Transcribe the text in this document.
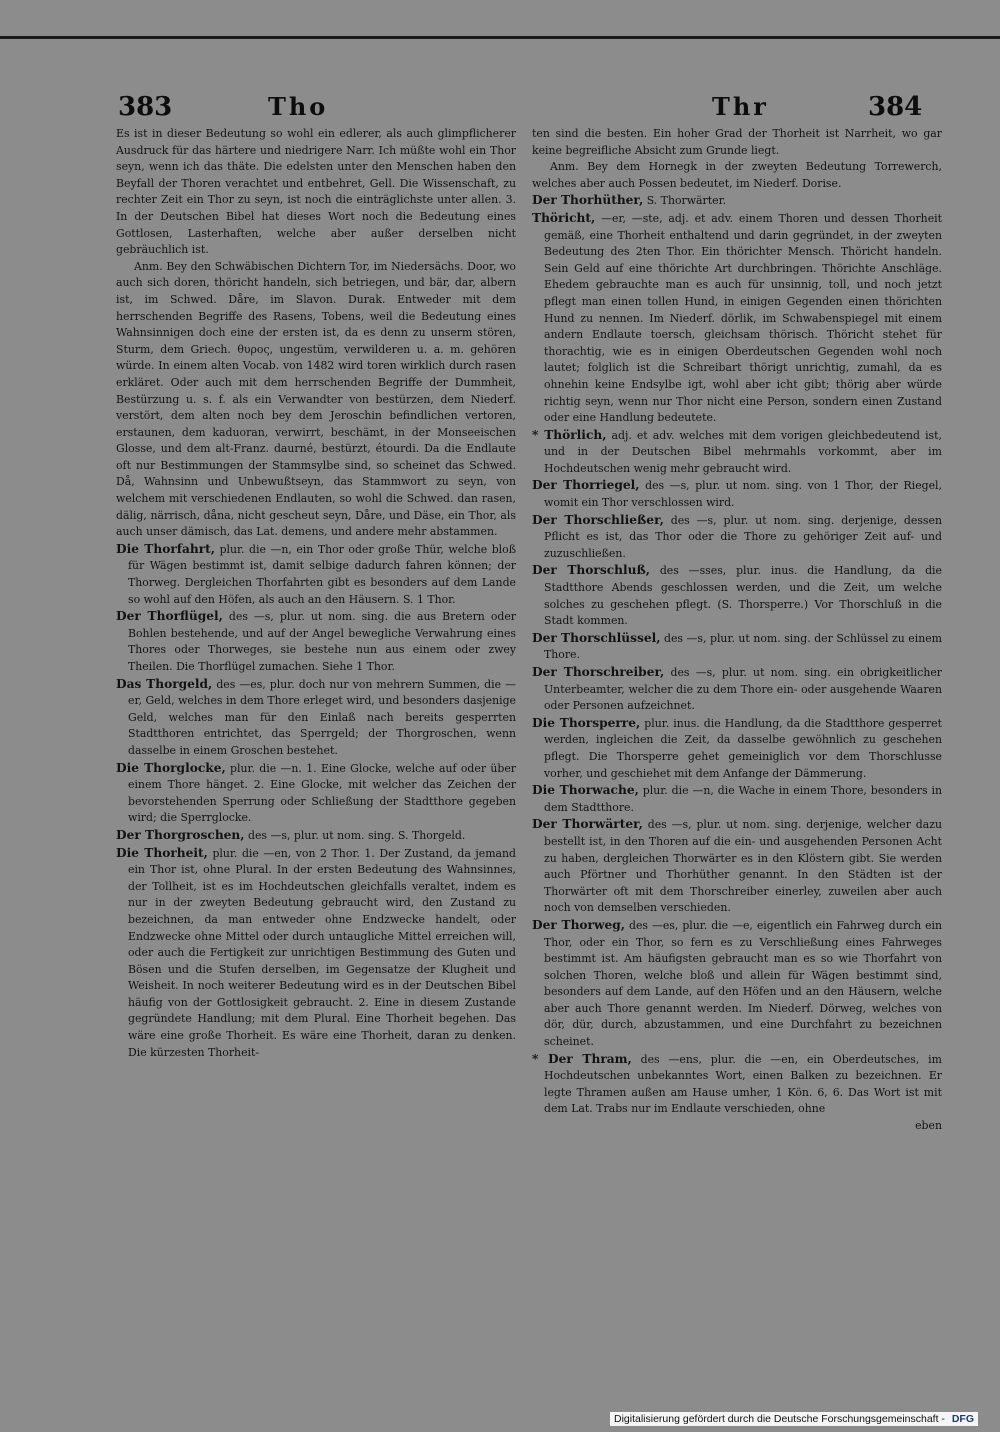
383	Tho	Thr	384

Es ist in dieser Bedeutung so wohl ein edlerer, als auch glimpflicherer Ausdruck für das härtere und niedrigere Narr. Ich müßte wohl ein Thor seyn, wenn ich das thäte. Die edelsten unter den Menschen haben den Beyfall der Thoren verachtet und entbehret, Gell. Die Wissenschaft, zu rechter Zeit ein Thor zu seyn, ist noch die einträglichste unter allen. 3. In der Deutschen Bibel hat dieses Wort noch die Bedeutung eines Gottlosen, Lasterhaften, welche aber außer derselben nicht gebräuchlich ist.

Anm. Bey den Schwäbischen Dichtern Tor, im Niedersächs. Door, wo auch sich doren, thöricht handeln, sich betriegen, und bär, dar, albern ist, im Schwed. Dåre, im Slavon. Durak. Entweder mit dem herrschenden Begriffe des Rasens, Tobens, weil die Bedeutung eines Wahnsinnigen doch eine der ersten ist, da es denn zu unserm stören, Sturm, dem Griech. θυρος, ungestüm, verwilderen u. a. m. gehören würde. In einem alten Vocab. von 1482 wird toren wirklich durch rasen erkläret. Oder auch mit dem herrschenden Begriffe der Dummheit, Bestürzung u. s. f. als ein Verwandter von bestürzen, dem Niederf. verstört, dem alten noch bey dem Jeroschin befindlichen vertoren, erstaunen, dem kaduoran, verwirrt, beschämt, in der Monseeischen Glosse, und dem alt-Franz. daurné, bestürzt, étourdi. Da die Endlaute oft nur Bestimmungen der Stammsylbe sind, so scheinet das Schwed. Då, Wahnsinn und Unbewußtseyn, das Stammwort zu seyn, von welchem mit verschiedenen Endlauten, so wohl die Schwed. dan rasen, dälig, närrisch, dåna, nicht gescheut seyn, Dåre, und Däse, ein Thor, als auch unser dämisch, das Lat. demens, und andere mehr abstammen.

Die Thorfahrt, plur. die —n, ein Thor oder große Thür, welche bloß für Wägen bestimmt ist, damit selbige dadurch fahren können; der Thorweg. Dergleichen Thorfahrten gibt es besonders auf dem Lande so wohl auf den Höfen, als auch an den Häusern. S. 1 Thor.

Der Thorflügel, des —s, plur. ut nom. sing. die aus Bretern oder Bohlen bestehende, und auf der Angel bewegliche Verwahrung eines Thores oder Thorweges, sie bestehe nun aus einem oder zwey Theilen. Die Thorflügel zumachen. Siehe 1 Thor.

Das Thorgeld, des —es, plur. doch nur von mehrern Summen, die —er, Geld, welches in dem Thore erleget wird, und besonders dasjenige Geld, welches man für den Einlaß nach bereits gesperrten Stadtthoren entrichtet, das Sperrgeld; der Thorgroschen, wenn dasselbe in einem Groschen bestehet.

Die Thorglocke, plur. die —n. 1. Eine Glocke, welche auf oder über einem Thore hänget. 2. Eine Glocke, mit welcher das Zeichen der bevorstehenden Sperrung oder Schließung der Stadtthore gegeben wird; die Sperrglocke.

Der Thorgroschen, des —s, plur. ut nom. sing. S. Thorgeld.

Die Thorheit, plur. die —en, von 2 Thor. 1. Der Zustand, da jemand ein Thor ist, ohne Plural. In der ersten Bedeutung des Wahnsinnes, der Tollheit, ist es im Hochdeutschen gleichfalls veraltet, indem es nur in der zweyten Bedeutung gebraucht wird, den Zustand zu bezeichnen, da man entweder ohne Endzwecke handelt, oder Endzwecke ohne Mittel oder durch untaugliche Mittel erreichen will, oder auch die Fertigkeit zur unrichtigen Bestimmung des Guten und Bösen und die Stufen derselben, im Gegensatze der Klugheit und Weisheit. In noch weiterer Bedeutung wird es in der Deutschen Bibel häufig von der Gottlosigkeit gebraucht. 2. Eine in diesem Zustande gegründete Handlung; mit dem Plural. Eine Thorheit begehen. Das wäre eine große Thorheit. Es wäre eine Thorheit, daran zu denken. Die kürzesten Thorheit-

ten sind die besten. Ein hoher Grad der Thorheit ist Narrheit, wo gar keine begreifliche Absicht zum Grunde liegt.

Anm. Bey dem Hornegk in der zweyten Bedeutung Torrewerch, welches aber auch Possen bedeutet, im Niederf. Dorise.

Der Thorhüther, S. Thorwärter.

Thöricht, —er, —ste, adj. et adv. einem Thoren und dessen Thorheit gemäß, eine Thorheit enthaltend und darin gegründet, in der zweyten Bedeutung des 2ten Thor. Ein thörichter Mensch. Thöricht handeln. Sein Geld auf eine thörichte Art durchbringen. Thörichte Anschläge. Ehedem gebrauchte man es auch für unsinnig, toll, und noch jetzt pflegt man einen tollen Hund, in einigen Gegenden einen thörichten Hund zu nennen. Im Niederf. dörlik, im Schwabenspiegel mit einem andern Endlaute toersch, gleichsam thörisch. Thöricht stehet für thorachtig, wie es in einigen Oberdeutschen Gegenden wohl noch lautet; folglich ist die Schreibart thörigt unrichtig, zumahl, da es ohnehin keine Endsylbe igt, wohl aber icht gibt; thörig aber würde richtig seyn, wenn nur Thor nicht eine Person, sondern einen Zustand oder eine Handlung bedeutete.

* Thörlich, adj. et adv. welches mit dem vorigen gleichbedeutend ist, und in der Deutschen Bibel mehrmahls vorkommt, aber im Hochdeutschen wenig mehr gebraucht wird.

Der Thorriegel, des —s, plur. ut nom. sing. von 1 Thor, der Riegel, womit ein Thor verschlossen wird.

Der Thorschließer, des —s, plur. ut nom. sing. derjenige, dessen Pflicht es ist, das Thor oder die Thore zu gehöriger Zeit auf- und zuzuschließen.

Der Thorschluß, des —sses, plur. inus. die Handlung, da die Stadtthore Abends geschlossen werden, und die Zeit, um welche solches zu geschehen pflegt. (S. Thorsperre.) Vor Thorschluß in die Stadt kommen.

Der Thorschlüssel, des —s, plur. ut nom. sing. der Schlüssel zu einem Thore.

Der Thorschreiber, des —s, plur. ut nom. sing. ein obrigkeitlicher Unterbeamter, welcher die zu dem Thore ein- oder ausgehende Waaren oder Personen aufzeichnet.

Die Thorsperre, plur. inus. die Handlung, da die Stadtthore gesperret werden, ingleichen die Zeit, da dasselbe gewöhnlich zu geschehen pflegt. Die Thorsperre gehet gemeiniglich vor dem Thorschlusse vorher, und geschiehet mit dem Anfange der Dämmerung.

Die Thorwache, plur. die —n, die Wache in einem Thore, besonders in dem Stadtthore.

Der Thorwärter, des —s, plur. ut nom. sing. derjenige, welcher dazu bestellt ist, in den Thoren auf die ein- und ausgehenden Personen Acht zu haben, dergleichen Thorwärter es in den Klöstern gibt. Sie werden auch Pförtner und Thorhüther genannt. In den Städten ist der Thorwärter oft mit dem Thorschreiber einerley, zuweilen aber auch noch von demselben verschieden.

Der Thorweg, des —es, plur. die —e, eigentlich ein Fahrweg durch ein Thor, oder ein Thor, so fern es zu Verschließung eines Fahrweges bestimmt ist. Am häufigsten gebraucht man es so wie Thorfahrt von solchen Thoren, welche bloß und allein für Wägen bestimmt sind, besonders auf dem Lande, auf den Höfen und an den Häusern, welche aber auch Thore genannt werden. Im Niederf. Dörweg, welches von dör, dür, durch, abzustammen, und eine Durchfahrt zu bezeichnen scheinet.

* Der Thram, des —ens, plur. die —en, ein Oberdeutsches, im Hochdeutschen unbekanntes Wort, einen Balken zu bezeichnen. Er legte Thramen außen am Hause umher, 1 Kön. 6, 6. Das Wort ist mit dem Lat. Trabs nur im Endlaute verschieden, ohne

eben

Digitalisierung gefördert durch die Deutsche Forschungsgemeinschaft - DFG
